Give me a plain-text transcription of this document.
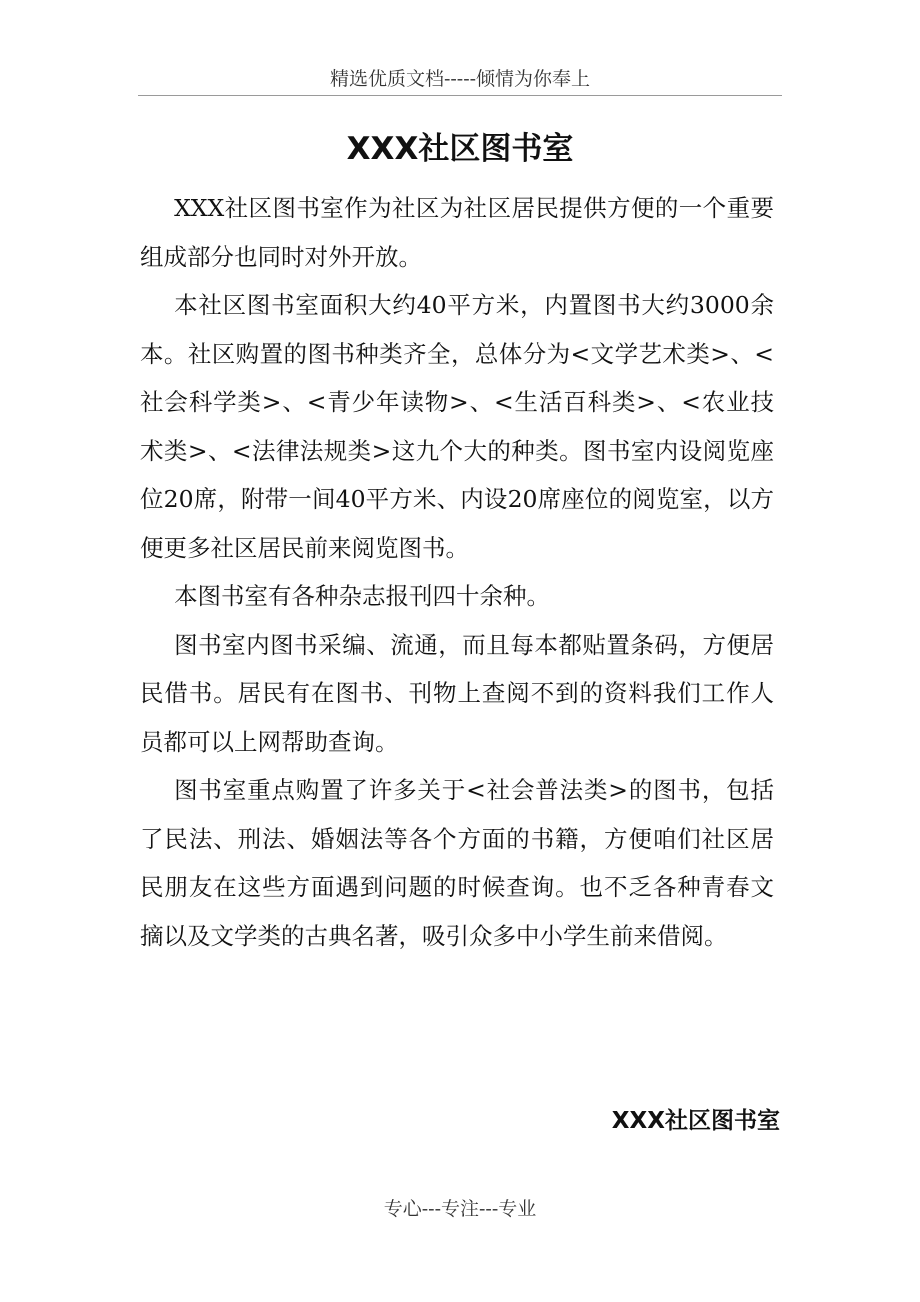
精选优质文档-----倾情为你奉上
XXX社区图书室

XXX社区图书室作为社区为社区居民提供方便的一个重要组成部分也同时对外开放。

本社区图书室面积大约40平方米，内置图书大约3000余本。社区购置的图书种类齐全，总体分为<文学艺术类>、<社会科学类>、<青少年读物>、<生活百科类>、<农业技术类>、<法律法规类>这九个大的种类。图书室内设阅览座位20席，附带一间40平方米、内设20席座位的阅览室，以方便更多社区居民前来阅览图书。

本图书室有各种杂志报刊四十余种。

图书室内图书采编、流通，而且每本都贴置条码，方便居民借书。居民有在图书、刊物上查阅不到的资料我们工作人员都可以上网帮助查询。

图书室重点购置了许多关于<社会普法类>的图书，包括了民法、刑法、婚姻法等各个方面的书籍，方便咱们社区居民朋友在这些方面遇到问题的时候查询。也不乏各种青春文摘以及文学类的古典名著，吸引众多中小学生前来借阅。

XXX社区图书室
专心---专注---专业
